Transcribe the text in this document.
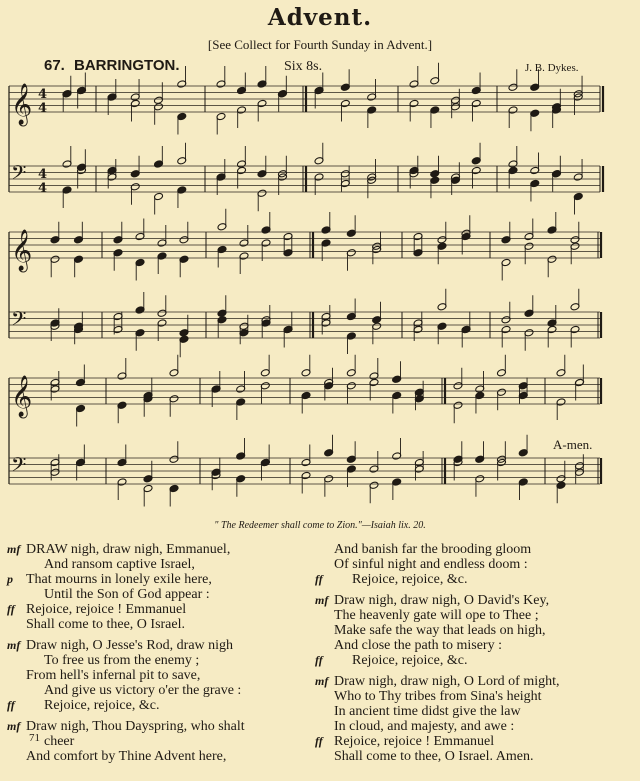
Advent.
[See Collect for Fourth Sunday in Advent.]
67. BARRINGTON.	Six 8s.	J. B. Dykes.
𝄞 4
4
𝄢 4
4
𝄞
𝄢
𝄞
𝄢
A-men.
" The Redeemer shall come to Zion."—Isaiah lix. 20.
mf DRAW nigh, draw nigh, Emmanuel,
And ransom captive Israel,
p That mourns in lonely exile here,
Until the Son of God appear :
ff Rejoice, rejoice ! Emmanuel
Shall come to thee, O Israel.
mf Draw nigh, O Jesse's Rod, draw nigh
To free us from the enemy ;
From hell's infernal pit to save,
And give us victory o'er the grave :
ff Rejoice, rejoice, &c.
mf Draw nigh, Thou Dayspring, who shalt
cheer
And comfort by Thine Advent here,
And banish far the brooding gloom
Of sinful night and endless doom :
ff Rejoice, rejoice, &c.
mf Draw nigh, draw nigh, O David's Key,
The heavenly gate will ope to Thee ;
Make safe the way that leads on high,
And close the path to misery :
ff Rejoice, rejoice, &c.
mf Draw nigh, draw nigh, O Lord of might,
Who to Thy tribes from Sina's height
In ancient time didst give the law
In cloud, and majesty, and awe :
ff Rejoice, rejoice ! Emmanuel
Shall come to thee, O Israel. Amen.
71
